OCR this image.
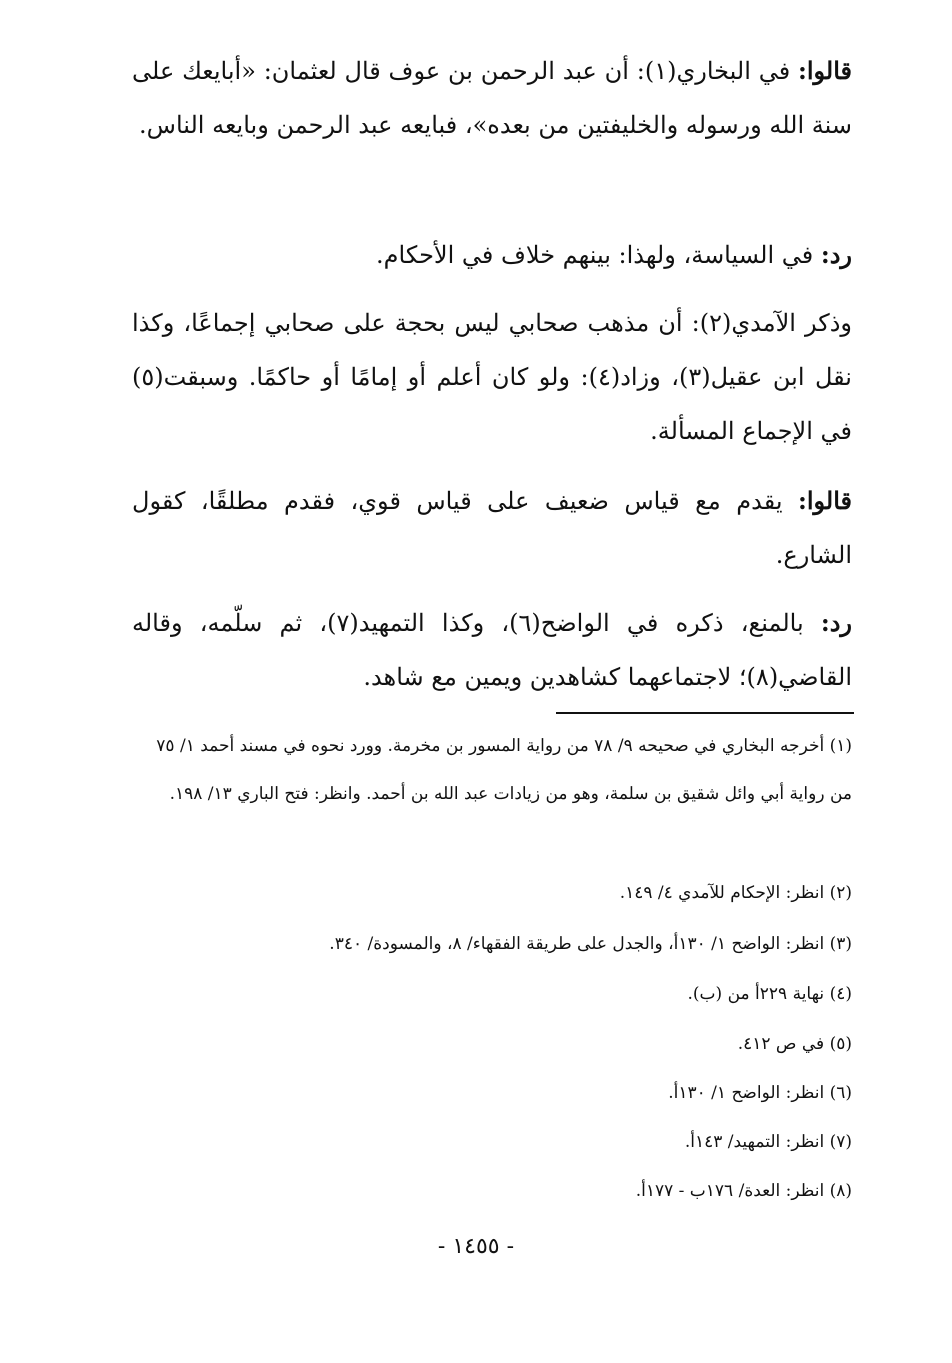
قالوا: في البخاري(١): أن عبد الرحمن بن عوف قال لعثمان: «أبايعك على سنة الله ورسوله والخليفتين من بعده»، فبايعه عبد الرحمن وبايعه الناس.

رد: في السياسة، ولهذا: بينهم خلاف في الأحكام.

وذكر الآمدي(٢): أن مذهب صحابي ليس بحجة على صحابي إجماعًا، وكذا نقل ابن عقيل(٣)، وزاد(٤): ولو كان أعلم أو إمامًا أو حاكمًا. وسبقت(٥) في الإجماع المسألة.

قالوا: يقدم مع قياس ضعيف على قياس قوي، فقدم مطلقًا، كقول الشارع.

رد: بالمنع، ذكره في الواضح(٦)، وكذا التمهيد(٧)، ثم سلّمه، وقاله القاضي(٨)؛ لاجتماعهما كشاهدين ويمين مع شاهد.

(١) أخرجه البخاري في صحيحه ٩/ ٧٨ من رواية المسور بن مخرمة. وورد نحوه في مسند أحمد ١/ ٧٥ من رواية أبي وائل شقيق بن سلمة، وهو من زيادات عبد الله بن أحمد. وانظر: فتح الباري ١٣/ ١٩٨.
(٢) انظر: الإحكام للآمدي ٤/ ١٤٩.
(٣) انظر: الواضح ١/ ١٣٠أ، والجدل على طريقة الفقهاء/ ٨، والمسودة/ ٣٤٠.
(٤) نهاية ٢٢٩أ من (ب).
(٥) في ص ٤١٢.
(٦) انظر: الواضح ١/ ١٣٠أ.
(٧) انظر: التمهيد/ ١٤٣أ.
(٨) انظر: العدة/ ١٧٦ب - ١٧٧أ.
- ١٤٥٥ -
